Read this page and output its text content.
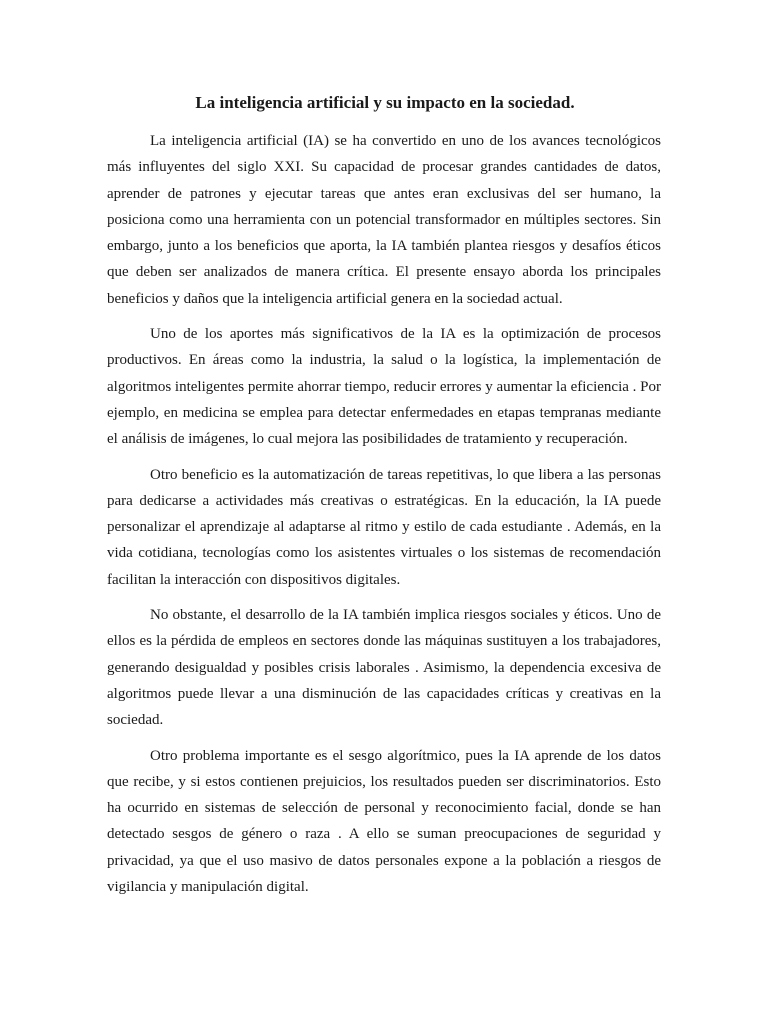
La inteligencia artificial y su impacto en la sociedad.

La inteligencia artificial (IA) se ha convertido en uno de los avances tecnológicos más influyentes del siglo XXI. Su capacidad de procesar grandes cantidades de datos, aprender de patrones y ejecutar tareas que antes eran exclusivas del ser humano, la posiciona como una herramienta con un potencial transformador en múltiples sectores. Sin embargo, junto a los beneficios que aporta, la IA también plantea riesgos y desafíos éticos que deben ser analizados de manera crítica. El presente ensayo aborda los principales beneficios y daños que la inteligencia artificial genera en la sociedad actual.

Uno de los aportes más significativos de la IA es la optimización de procesos productivos. En áreas como la industria, la salud o la logística, la implementación de algoritmos inteligentes permite ahorrar tiempo, reducir errores y aumentar la eficiencia . Por ejemplo, en medicina se emplea para detectar enfermedades en etapas tempranas mediante el análisis de imágenes, lo cual mejora las posibilidades de tratamiento y recuperación.

Otro beneficio es la automatización de tareas repetitivas, lo que libera a las personas para dedicarse a actividades más creativas o estratégicas. En la educación, la IA puede personalizar el aprendizaje al adaptarse al ritmo y estilo de cada estudiante . Además, en la vida cotidiana, tecnologías como los asistentes virtuales o los sistemas de recomendación facilitan la interacción con dispositivos digitales.

No obstante, el desarrollo de la IA también implica riesgos sociales y éticos. Uno de ellos es la pérdida de empleos en sectores donde las máquinas sustituyen a los trabajadores, generando desigualdad y posibles crisis laborales . Asimismo, la dependencia excesiva de algoritmos puede llevar a una disminución de las capacidades críticas y creativas en la sociedad.

Otro problema importante es el sesgo algorítmico, pues la IA aprende de los datos que recibe, y si estos contienen prejuicios, los resultados pueden ser discriminatorios. Esto ha ocurrido en sistemas de selección de personal y reconocimiento facial, donde se han detectado sesgos de género o raza . A ello se suman preocupaciones de seguridad y privacidad, ya que el uso masivo de datos personales expone a la población a riesgos de vigilancia y manipulación digital.
